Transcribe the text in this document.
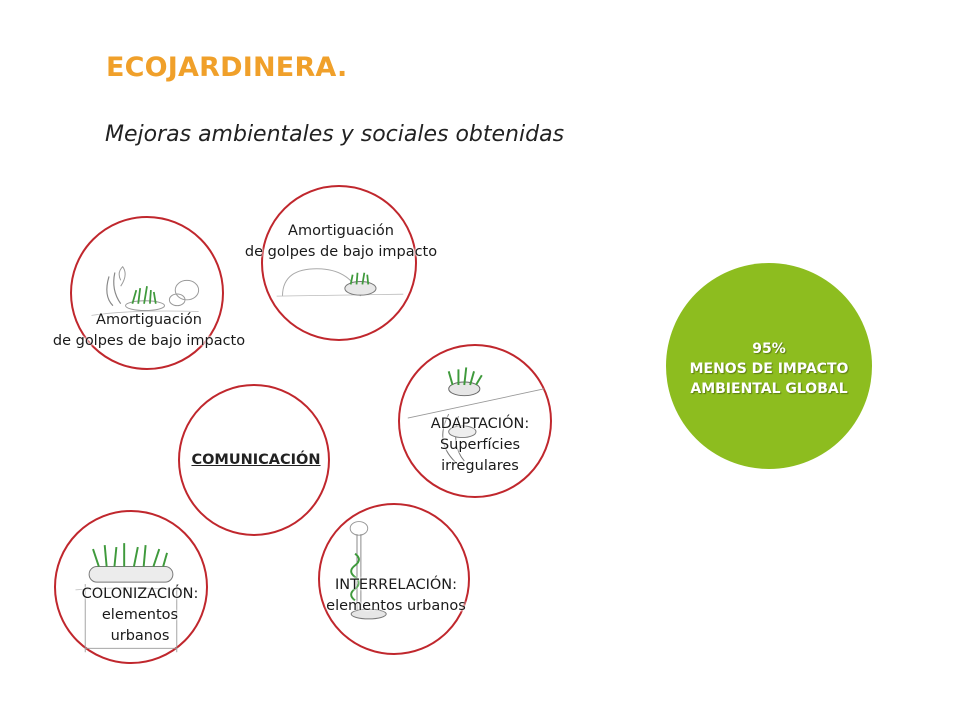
ECOJARDINERA.
Mejoras ambientales y sociales obtenidas
Amortiguación
de golpes de bajo impacto
Amortiguación
de golpes de bajo impacto
ADAPTACIÓN:
Superfícies
irregulares
COMUNICACIÓN
INTERRELACIÓN:
elementos urbanos
COLONIZACIÓN:
elementos
urbanos
95%
MENOS DE IMPACTO
AMBIENTAL GLOBAL
